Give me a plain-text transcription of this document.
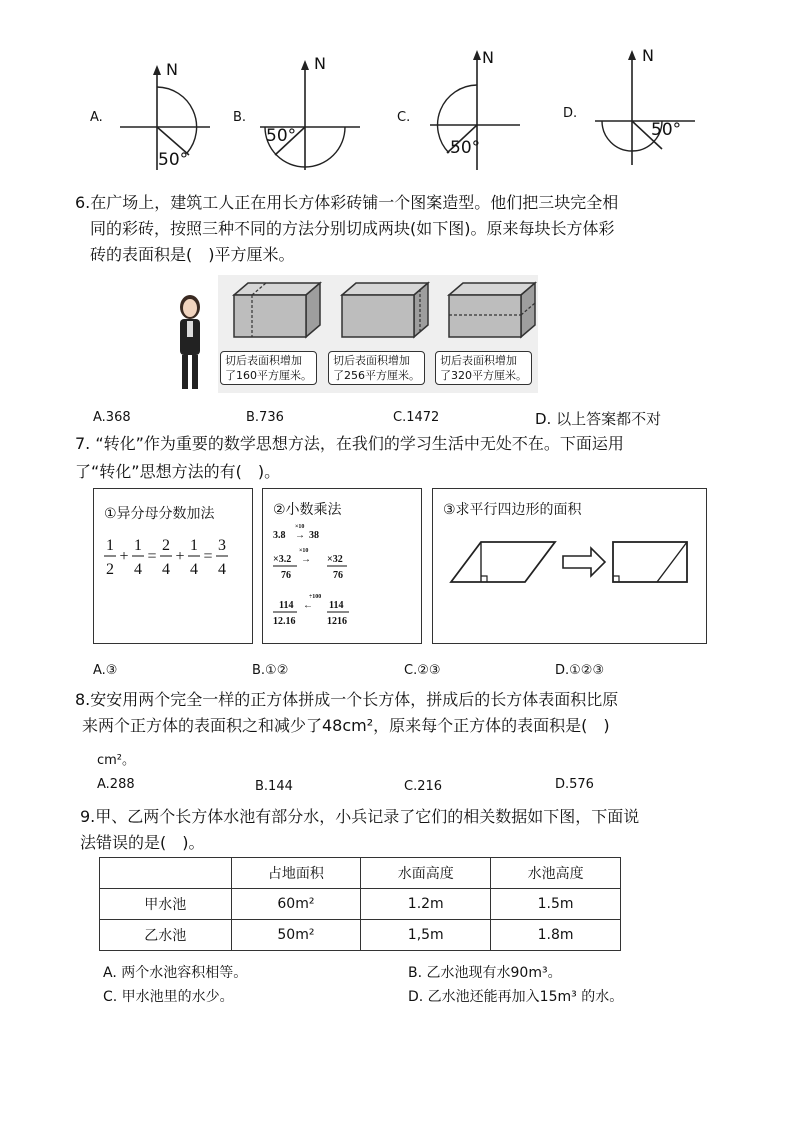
A.
N
50°
B.
N
50°
C.
N
50°
D.
N
50°
6.在广场上，建筑工人正在用长方体彩砖铺一个图案造型。他们把三块完全相
同的彩砖，按照三种不同的方法分别切成两块(如下图)。原来每块长方体彩
砖的表面积是(　)平方厘米。
切后表面积增加
了160平方厘米。
切后表面积增加
了256平方厘米。
切后表面积增加
了320平方厘米。
A.368	B.736	C.1472	D. 以上答案都不对
7. “转化”作为重要的数学思想方法，在我们的学习生活中无处不在。下面运用
了“转化”思想方法的有(　)。
①异分母分数加法
1
2
+
1
4
=
2
4
+
1
4
=
3
4
②小数乘法
×10
3.8 → 38
×10
×3.2 → ×32
76	76
÷100
114 ← 114
12.16	1216
③求平行四边形的面积
A.③	B.①②	C.②③	D.①②③
8.安安用两个完全一样的正方体拼成一个长方体，拼成后的长方体表面积比原
来两个正方体的表面积之和减少了48cm²，原来每个正方体的表面积是(　)
cm²。
A.288	B.144	C.216	D.576
9.甲、乙两个长方体水池有部分水，小兵记录了它们的相关数据如下图，下面说
法错误的是(　)。
	占地面积	水面高度	水池高度
甲水池	60m²	1.2m	1.5m
乙水池	50m²	1,5m	1.8m
A. 两个水池容积相等。	B. 乙水池现有水90m³。
C. 甲水池里的水少。	D. 乙水池还能再加入15m³ 的水。
